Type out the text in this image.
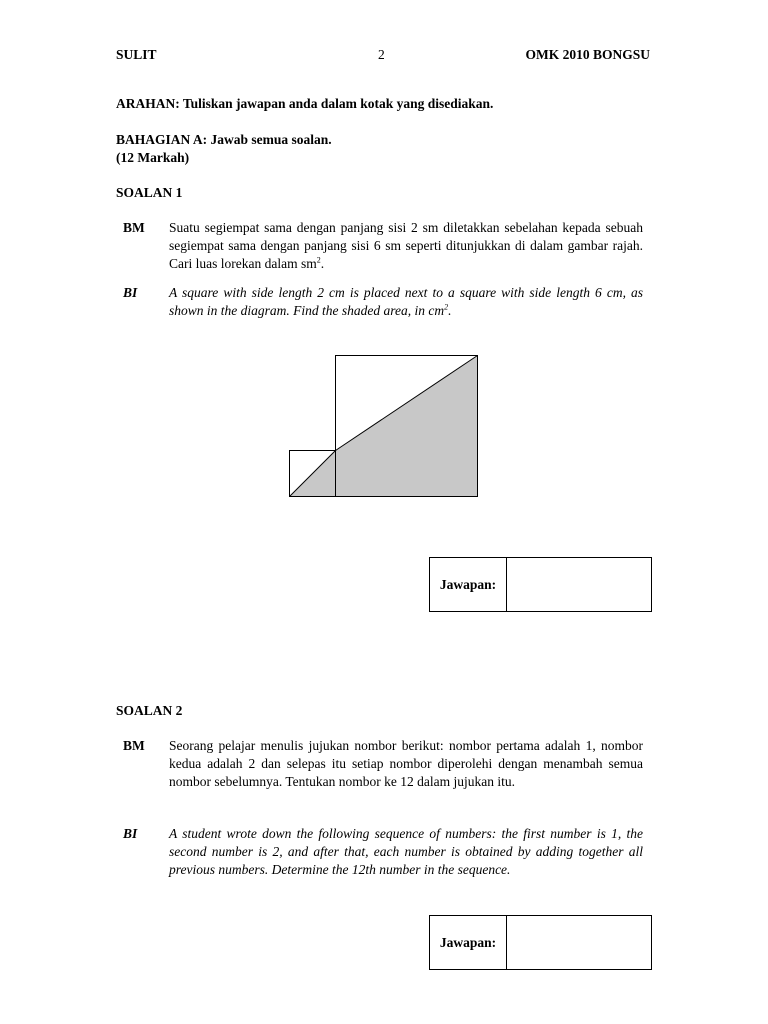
SULIT	2	OMK 2010 BONGSU
ARAHAN: Tuliskan jawapan anda dalam kotak yang disediakan.
BAHAGIAN A: Jawab semua soalan.
(12 Markah)
SOALAN 1
BM	Suatu segiempat sama dengan panjang sisi 2 sm diletakkan sebelahan kepada sebuah segiempat sama dengan panjang sisi 6 sm seperti ditunjukkan di dalam gambar rajah. Cari luas lorekan dalam $sm^2$.
BI	A square with side length 2 cm is placed next to a square with side length 6 cm, as shown in the diagram. Find the shaded area, in $cm^2$.
Jawapan:
SOALAN 2
BM	Seorang pelajar menulis jujukan nombor berikut: nombor pertama adalah 1, nombor kedua adalah 2 dan selepas itu setiap nombor diperolehi dengan menambah semua nombor sebelumnya. Tentukan nombor ke 12 dalam jujukan itu.
BI	A student wrote down the following sequence of numbers: the first number is 1, the second number is 2, and after that, each number is obtained by adding together all previous numbers. Determine the 12th number in the sequence.
Jawapan:
